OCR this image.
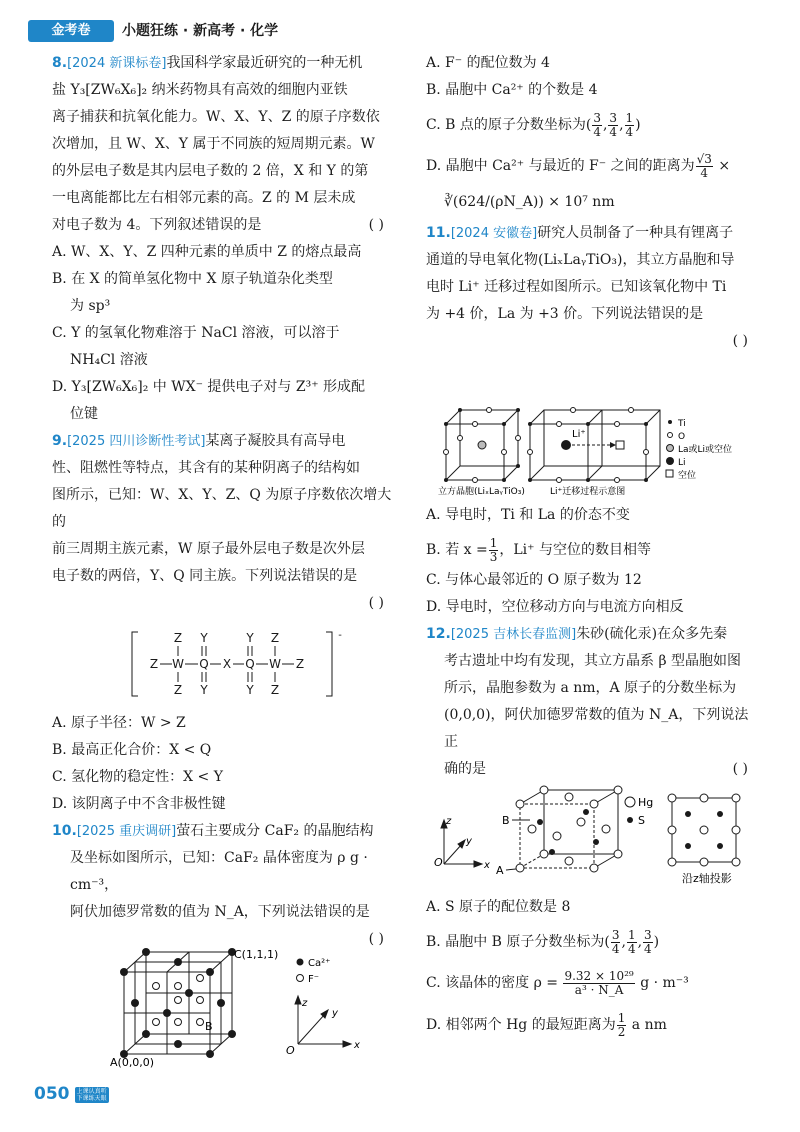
金考卷	小题狂练 · 新高考 · 化学

8.[2024 新课标卷]我国科学家最近研究的一种无机

盐 Y₃[ZW₆X₆]₂ 纳米药物具有高效的细胞内亚铁

离子捕获和抗氧化能力。W、X、Y、Z 的原子序数依

次增加，且 W、X、Y 属于不同族的短周期元素。W

的外层电子数是其内层电子数的 2 倍，X 和 Y 的第

一电离能都比左右相邻元素的高。Z 的 M 层未成

对电子数为 4。下列叙述错误的是	( )

A. W、X、Y、Z 四种元素的单质中 Z 的熔点最高

B. 在 X 的简单氢化物中 X 原子轨道杂化类型

为 sp³

C. Y 的氢氧化物难溶于 NaCl 溶液，可以溶于

NH₄Cl 溶液

D. Y₃[ZW₆X₆]₂ 中 WX⁻ 提供电子对与 Z³⁺ 形成配

位键

9.[2025 四川诊断性考试]某离子凝胶具有高导电

性、阻燃性等特点，其含有的某种阴离子的结构如

图所示，已知：W、X、Y、Z、Q 为原子序数依次增大的

前三周期主族元素，W 原子最外层电子数是次外层

电子数的两倍，Y、Q 同主族。下列说法错误的是

( )

-
Z Y	Y Z
Z W Q X Q W Z
Z Y	Y Z

A. 原子半径：W > Z

B. 最高正化合价：X < Q

C. 氢化物的稳定性：X < Y

D. 该阴离子中不含非极性键

10.[2025 重庆调研]萤石主要成分 CaF₂ 的晶胞结构

及坐标如图所示，已知：CaF₂ 晶体密度为 ρ g · cm⁻³，

阿伏加德罗常数的值为 N_A，下列说法错误的是

( )

B
C(1,1,1)
A(0,0,0)
Ca²⁺
F⁻
z
y
x
O

A. F⁻ 的配位数为 4

B. 晶胞中 Ca²⁺ 的个数是 4

C. B 点的原子分数坐标为( $\frac{3}{4}$ , $\frac{3}{4}$ , $\frac{1}{4}$ )

D. 晶胞中 Ca²⁺ 与最近的 F⁻ 之间的距离为 $\frac{√3}{4}$ ×

∛(624/(ρN_A)) × 10⁷ nm

11.[2024 安徽卷]研究人员制备了一种具有锂离子

通道的导电氧化物(LiₓLaᵧTiO₃)，其立方晶胞和导

电时 Li⁺ 迁移过程如图所示。已知该氧化物中 Ti

为 +4 价，La 为 +3 价。下列说法错误的是

( )

Li⁺
Ti
O
La或Li或空位
Li
空位
立方晶胞(LiₓLaᵧTiO₃)	Li⁺迁移过程示意图

A. 导电时，Ti 和 La 的价态不变

B. 若 $x = \frac{1}{3}$ ，Li⁺ 与空位的数目相等

C. 与体心最邻近的 O 原子数为 12

D. 导电时，空位移动方向与电流方向相反

12.[2025 吉林长春监测]朱砂(硫化汞)在众多先秦

考古遗址中均有发现，其立方晶系 β 型晶胞如图

所示，晶胞参数为 a nm，A 原子的分数坐标为

(0,0,0)，阿伏加德罗常数的值为 N_A，下列说法正

确的是	( )

z
y
x
O
B
A
Hg
S
沿z轴投影

A. S 原子的配位数是 8

B. 晶胞中 B 原子分数坐标为( $\frac{3}{4}$ , $\frac{1}{4}$ , $\frac{3}{4}$ )

C. 该晶体的密度 $\rho = \frac{\text{9.32 × 10²⁹}}{\text{a³ · N\_A}}$ g · m⁻³

D. 相邻两个 Hg 的最短距离为 $\frac{1}{2}$ a nm

050 上课认真听
下课练天眼
